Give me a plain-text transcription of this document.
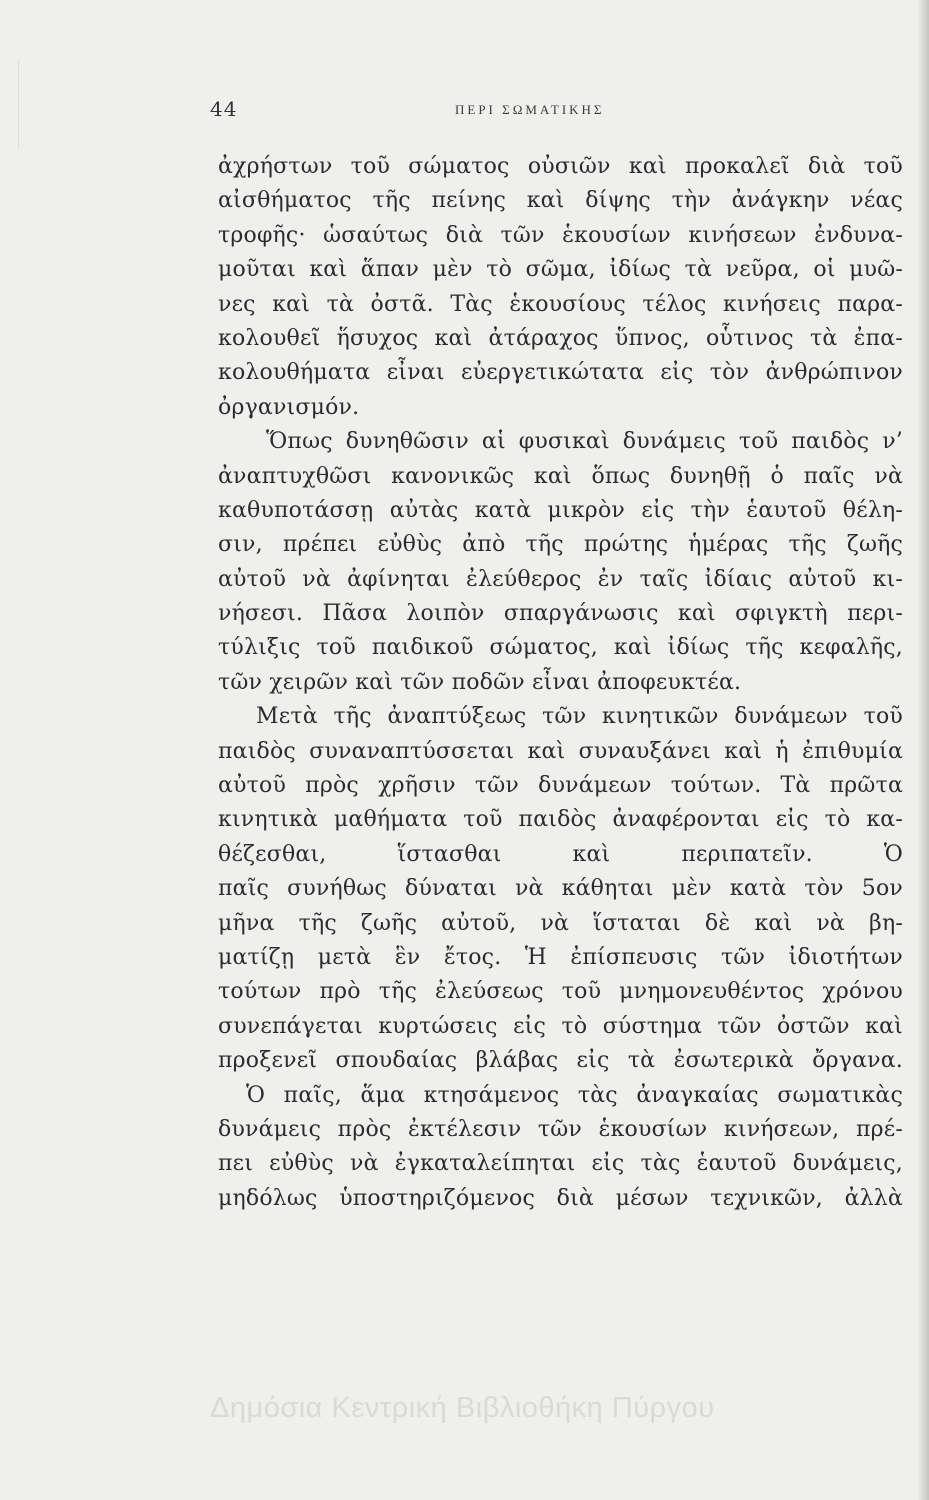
44	ΠΕΡΙ ΣΩΜΑΤΙΚΗΣ
ἀχρήστων τοῦ σώματος οὐσιῶν καὶ προκαλεῖ διὰ τοῦ
αἰσθήματος τῆς πείνης καὶ δίψης τὴν ἀνάγκην νέας
τροφῆς· ὡσαύτως διὰ τῶν ἑκουσίων κινήσεων ἐνδυνα-
μοῦται καὶ ἅπαν μὲν τὸ σῶμα, ἰδίως τὰ νεῦρα, οἱ μυῶ-
νες καὶ τὰ ὀστᾶ. Τὰς ἑκουσίους τέλος κινήσεις παρα-
κολουθεῖ ἥσυχος καὶ ἀτάραχος ὕπνος, οὗτινος τὰ ἐπα-
κολουθήματα εἶναι εὐεργετικώτατα εἰς τὸν ἀνθρώπινον
ὀργανισμόν.
Ὅπως δυνηθῶσιν αἱ φυσικαὶ δυνάμεις τοῦ παιδὸς ν’
ἀναπτυχθῶσι κανονικῶς καὶ ὅπως δυνηθῇ ὁ παῖς νὰ
καθυποτάσσῃ αὐτὰς κατὰ μικρὸν εἰς τὴν ἑαυτοῦ θέλη-
σιν, πρέπει εὐθὺς ἀπὸ τῆς πρώτης ἡμέρας τῆς ζωῆς
αὐτοῦ νὰ ἀφίνηται ἐλεύθερος ἐν ταῖς ἰδίαις αὐτοῦ κι-
νήσεσι. Πᾶσα λοιπὸν σπαργάνωσις καὶ σφιγκτὴ περι-
τύλιξις τοῦ παιδικοῦ σώματος, καὶ ἰδίως τῆς κεφαλῆς,
τῶν χειρῶν καὶ τῶν ποδῶν εἶναι ἀποφευκτέα.
Μετὰ τῆς ἀναπτύξεως τῶν κινητικῶν δυνάμεων τοῦ
παιδὸς συναναπτύσσεται καὶ συναυξάνει καὶ ἡ ἐπιθυμία
αὐτοῦ πρὸς χρῆσιν τῶν δυνάμεων τούτων. Τὰ πρῶτα
κινητικὰ μαθήματα τοῦ παιδὸς ἀναφέρονται εἰς τὸ κα-
θέζεσθαι, ἵστασθαι καὶ περιπατεῖν. Ὁ
παῖς συνήθως δύναται νὰ κάθηται μὲν κατὰ τὸν 5ον
μῆνα τῆς ζωῆς αὐτοῦ, νὰ ἵσταται δὲ καὶ νὰ βη-
ματίζῃ μετὰ ἓν ἔτος. Ἡ ἐπίσπευσις τῶν ἰδιοτήτων
τούτων πρὸ τῆς ἐλεύσεως τοῦ μνημονευθέντος χρόνου
συνεπάγεται κυρτώσεις εἰς τὸ σύστημα τῶν ὀστῶν καὶ
προξενεῖ σπουδαίας βλάβας εἰς τὰ ἐσωτερικὰ ὄργανα.
Ὁ παῖς, ἅμα κτησάμενος τὰς ἀναγκαίας σωματικὰς
δυνάμεις πρὸς ἐκτέλεσιν τῶν ἑκουσίων κινήσεων, πρέ-
πει εὐθὺς νὰ ἐγκαταλείπηται εἰς τὰς ἑαυτοῦ δυνάμεις,
μηδόλως ὑποστηριζόμενος διὰ μέσων τεχνικῶν, ἀλλὰ
Δημόσια Κεντρική Βιβλιοθήκη Πύργου
